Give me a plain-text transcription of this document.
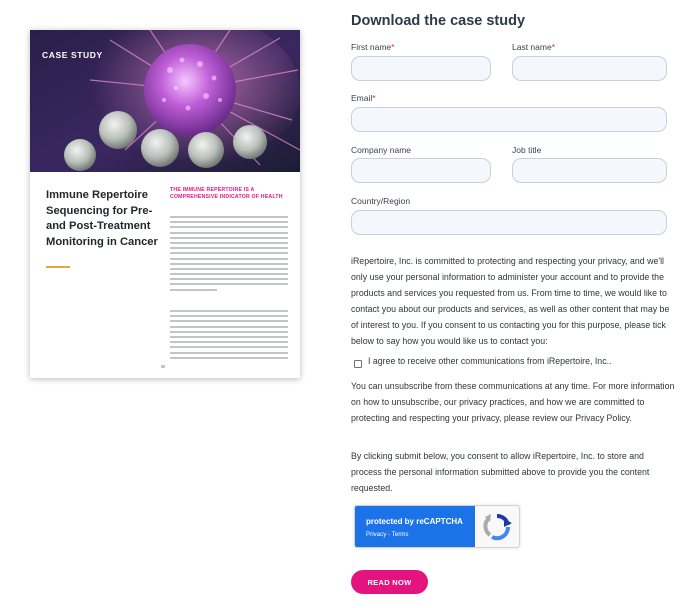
CASE STUDY
Immune Repertoire Sequencing for Pre- and Post-Treatment Monitoring in Cancer
THE IMMUNE REPERTOIRE IS A COMPREHENSIVE INDICATOR OF HEALTH
Download the case study
First name*	Last name*
Email*
Company name	Job title
Country/Region
iRepertoire, Inc. is committed to protecting and respecting your privacy, and we'll only use your personal information to administer your account and to provide the products and services you requested from us. From time to time, we would like to contact you about our products and services, as well as other content that may be of interest to you. If you consent to us contacting you for this purpose, please tick below to say how you would like us to contact you:
I agree to receive other communications from iRepertoire, Inc..
You can unsubscribe from these communications at any time. For more information on how to unsubscribe, our privacy practices, and how we are committed to protecting and respecting your privacy, please review our Privacy Policy.
By clicking submit below, you consent to allow iRepertoire, Inc. to store and process the personal information submitted above to provide you the content requested.
protected by reCAPTCHA
Privacy - Terms
READ NOW
